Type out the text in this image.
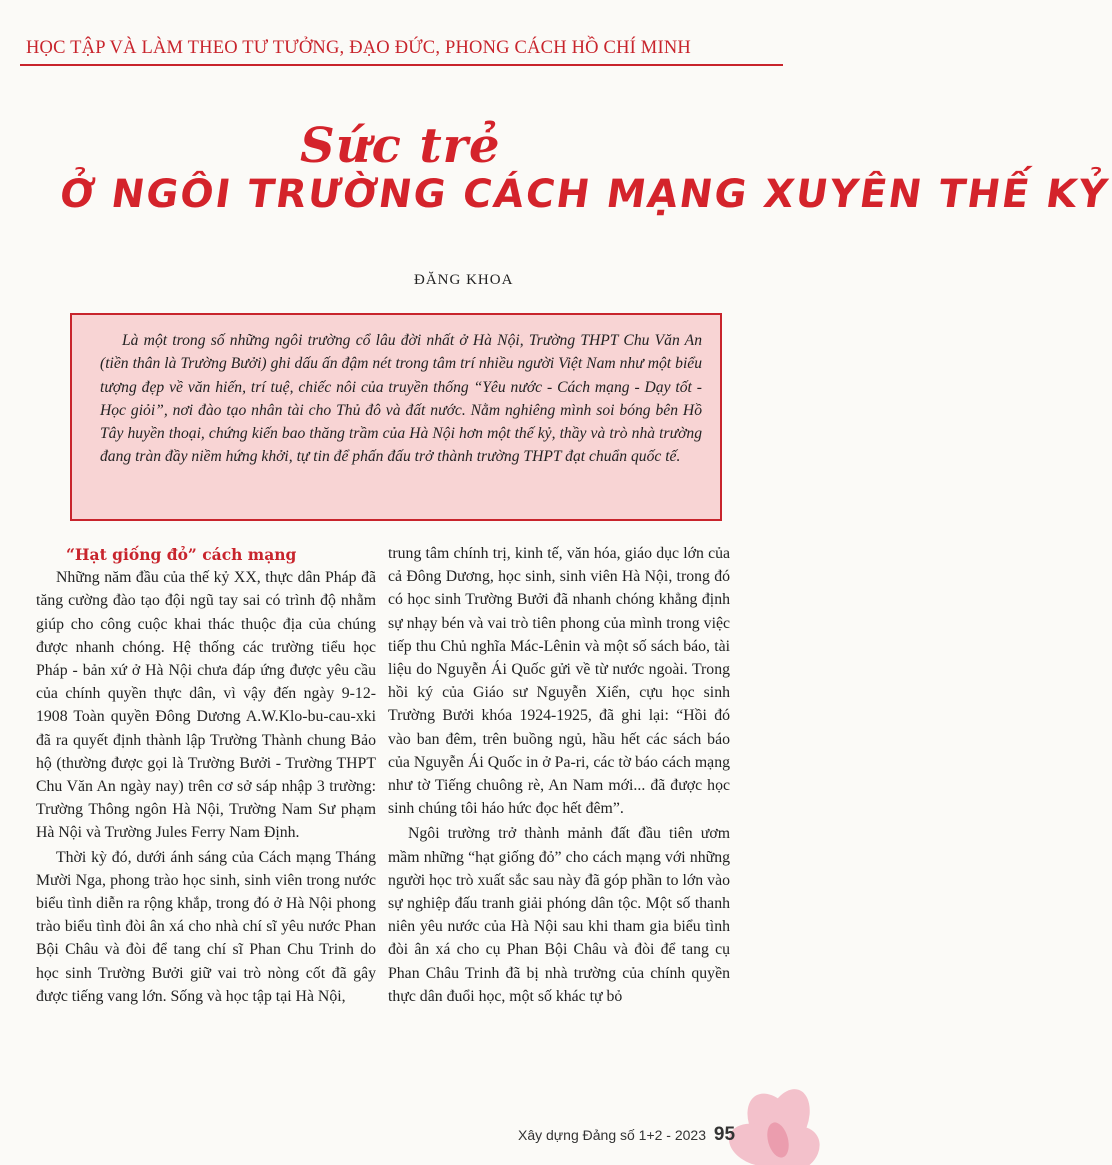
HỌC TẬP VÀ LÀM THEO TƯ TƯỞNG, ĐẠO ĐỨC, PHONG CÁCH HỒ CHÍ MINH
Sức trẻ
Ở NGÔI TRƯỜNG CÁCH MẠNG XUYÊN THẾ KỶ
ĐĂNG KHOA
Là một trong số những ngôi trường cổ lâu đời nhất ở Hà Nội, Trường THPT Chu Văn An (tiền thân là Trường Bưởi) ghi dấu ấn đậm nét trong tâm trí nhiều người Việt Nam như một biểu tượng đẹp về văn hiến, trí tuệ, chiếc nôi của truyền thống “Yêu nước - Cách mạng - Dạy tốt - Học giỏi”, nơi đào tạo nhân tài cho Thủ đô và đất nước. Nằm nghiêng mình soi bóng bên Hồ Tây huyền thoại, chứng kiến bao thăng trầm của Hà Nội hơn một thế kỷ, thầy và trò nhà trường đang tràn đầy niềm hứng khởi, tự tin để phấn đấu trở thành trường THPT đạt chuẩn quốc tế.
“Hạt giống đỏ” cách mạng

Những năm đầu của thế kỷ XX, thực dân Pháp đã tăng cường đào tạo đội ngũ tay sai có trình độ nhằm giúp cho công cuộc khai thác thuộc địa của chúng được nhanh chóng. Hệ thống các trường tiểu học Pháp - bản xứ ở Hà Nội chưa đáp ứng được yêu cầu của chính quyền thực dân, vì vậy đến ngày 9-12-1908 Toàn quyền Đông Dương A.W.Klo-bu-cau-xki đã ra quyết định thành lập Trường Thành chung Bảo hộ (thường được gọi là Trường Bưởi - Trường THPT Chu Văn An ngày nay) trên cơ sở sáp nhập 3 trường: Trường Thông ngôn Hà Nội, Trường Nam Sư phạm Hà Nội và Trường Jules Ferry Nam Định.

Thời kỳ đó, dưới ánh sáng của Cách mạng Tháng Mười Nga, phong trào học sinh, sinh viên trong nước biểu tình diễn ra rộng khắp, trong đó ở Hà Nội phong trào biểu tình đòi ân xá cho nhà chí sĩ yêu nước Phan Bội Châu và đòi để tang chí sĩ Phan Chu Trinh do học sinh Trường Bưởi giữ vai trò nòng cốt đã gây được tiếng vang lớn. Sống và học tập tại Hà Nội,

trung tâm chính trị, kinh tế, văn hóa, giáo dục lớn của cả Đông Dương, học sinh, sinh viên Hà Nội, trong đó có học sinh Trường Bưởi đã nhanh chóng khẳng định sự nhạy bén và vai trò tiên phong của mình trong việc tiếp thu Chủ nghĩa Mác-Lênin và một số sách báo, tài liệu do Nguyễn Ái Quốc gửi về từ nước ngoài. Trong hồi ký của Giáo sư Nguyễn Xiển, cựu học sinh Trường Bưởi khóa 1924-1925, đã ghi lại: “Hồi đó vào ban đêm, trên buồng ngủ, hầu hết các sách báo của Nguyễn Ái Quốc in ở Pa-ri, các tờ báo cách mạng như tờ Tiếng chuông rè, An Nam mới... đã được học sinh chúng tôi háo hức đọc hết đêm”.

Ngôi trường trở thành mảnh đất đầu tiên ươm mầm những “hạt giống đỏ” cho cách mạng với những người học trò xuất sắc sau này đã góp phần to lớn vào sự nghiệp đấu tranh giải phóng dân tộc. Một số thanh niên yêu nước của Hà Nội sau khi tham gia biểu tình đòi ân xá cho cụ Phan Bội Châu và đòi để tang cụ Phan Châu Trinh đã bị nhà trường của chính quyền thực dân đuổi học, một số khác tự bỏ

Xây dựng Đảng số 1+2 - 2023 95
